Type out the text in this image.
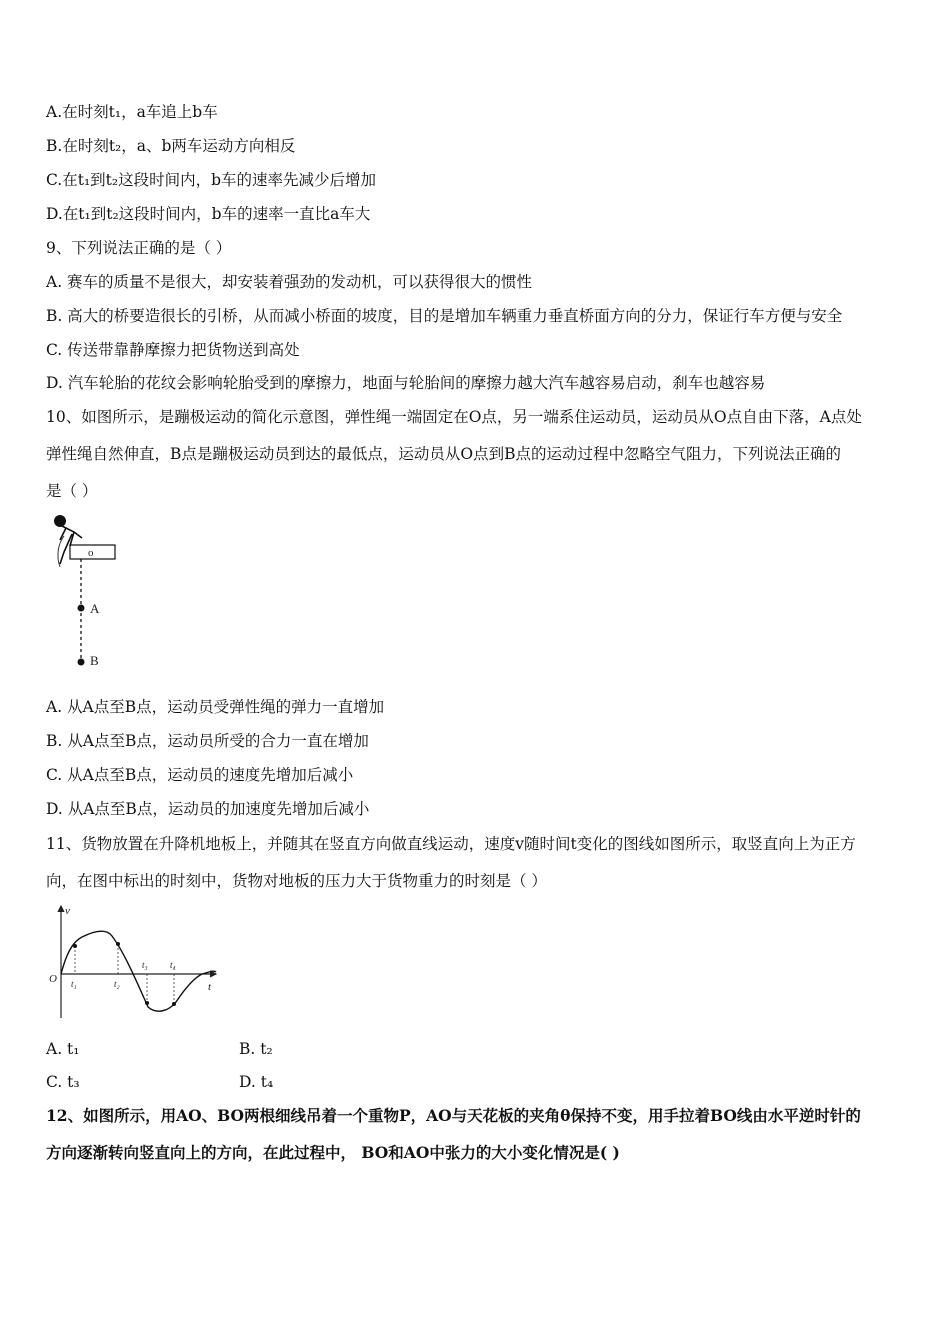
A.在时刻t₁，a车追上b车
B.在时刻t₂，a、b两车运动方向相反
C.在t₁到t₂这段时间内，b车的速率先减少后增加
D.在t₁到t₂这段时间内，b车的速率一直比a车大
9、下列说法正确的是（ ）
A. 赛车的质量不是很大，却安装着强劲的发动机，可以获得很大的惯性
B. 高大的桥要造很长的引桥，从而减小桥面的坡度，目的是增加车辆重力垂直桥面方向的分力，保证行车方便与安全
C. 传送带靠静摩擦力把货物送到高处
D. 汽车轮胎的花纹会影响轮胎受到的摩擦力，地面与轮胎间的摩擦力越大汽车越容易启动，刹车也越容易
10、如图所示，是蹦极运动的简化示意图，弹性绳一端固定在O点，另一端系住运动员，运动员从O点自由下落，A点处
弹性绳自然伸直，B点是蹦极运动员到达的最低点，运动员从O点到B点的运动过程中忽略空气阻力，下列说法正确的
是（ ）
o
A
B
A. 从A点至B点，运动员受弹性绳的弹力一直增加
B. 从A点至B点，运动员所受的合力一直在增加
C. 从A点至B点，运动员的速度先增加后减小
D. 从A点至B点，运动员的加速度先增加后减小
11、货物放置在升降机地板上，并随其在竖直方向做直线运动，速度v随时间t变化的图线如图所示，取竖直向上为正方
向，在图中标出的时刻中，货物对地板的压力大于货物重力的时刻是（ ）
v
t
O t₁	t₂
t₃ t₄
A. t₁	B. t₂
C. t₃	D. t₄
12、如图所示，用AO、BO两根细线吊着一个重物P，AO与天花板的夹角θ保持不变，用手拉着BO线由水平逆时针的
方向逐渐转向竖直向上的方向，在此过程中， BO和AO中张力的大小变化情况是( )
